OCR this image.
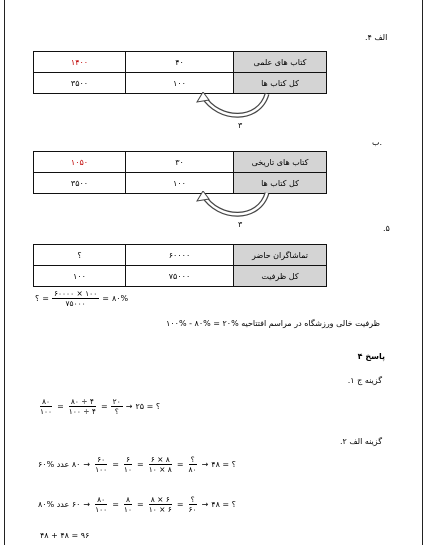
.۴ الف
۱۴۰۰	۴۰	کتاب های علمی
۳۵۰۰	۱۰۰	کل کتاب ها
۳
ب.
۱۰۵۰	۳۰	کتاب های تاریخی
۳۵۰۰	۱۰۰	کل کتاب ها
۳	.۵
؟	۶۰۰۰۰	تماشاگران حاضر
۱۰۰	۷۵۰۰۰	کل ظرفیت
؟ = $\frac{۶۰۰۰۰ \times ۱۰۰}{۷۵۰۰۰}$ = ۸۰%
ظرفیت خالی ورزشگاه در مراسم افتتاحیه %۲۰ = %۸۰ - %۱۰۰
پاسخ ۴
.۱ گزینه ج
$\frac{۸۰}{۱۰۰} = \frac{۸۰ \div ۴}{۱۰۰ \div ۴} = \frac{۲۰}{؟}$ → ؟ = ۲۵
.۲ گزینه الف
۸۰ عدد %۶۰ → $\frac{۶۰}{۱۰۰} = \frac{۶}{۱۰} = \frac{۶ \times ۸}{۱۰ \times ۸} = \frac{؟}{۸۰}$ → ؟ = ۴۸
۶۰ عدد %۸۰ → $\frac{۸۰}{۱۰۰} = \frac{۸}{۱۰} = \frac{۸ \times ۶}{۱۰ \times ۶} = \frac{؟}{۶۰}$ → ؟ = ۴۸
۴۸ + ۴۸ = ۹۶
